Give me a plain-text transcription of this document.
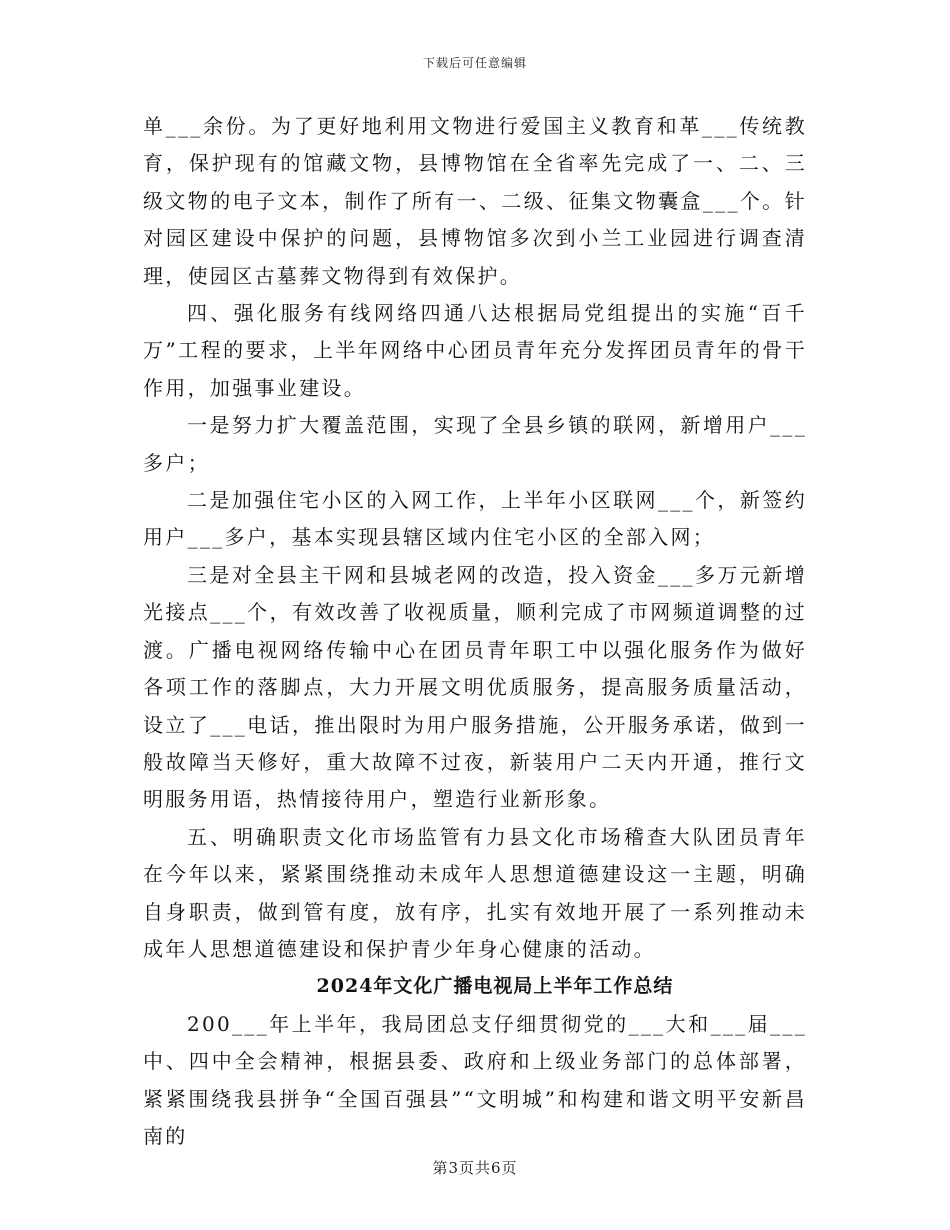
下载后可任意编辑

单___余份。为了更好地利用文物进行爱国主义教育和革___传统教育，保护现有的馆藏文物，县博物馆在全省率先完成了一、二、三级文物的电子文本，制作了所有一、二级、征集文物囊盒___个。针对园区建设中保护的问题，县博物馆多次到小兰工业园进行调查清理，使园区古墓葬文物得到有效保护。

四、强化服务有线网络四通八达根据局党组提出的实施“百千万”工程的要求，上半年网络中心团员青年充分发挥团员青年的骨干作用，加强事业建设。

一是努力扩大覆盖范围，实现了全县乡镇的联网，新增用户___多户；

二是加强住宅小区的入网工作，上半年小区联网___个，新签约用户___多户，基本实现县辖区域内住宅小区的全部入网；

三是对全县主干网和县城老网的改造，投入资金___多万元新增光接点___个，有效改善了收视质量，顺利完成了市网频道调整的过渡。广播电视网络传输中心在团员青年职工中以强化服务作为做好各项工作的落脚点，大力开展文明优质服务，提高服务质量活动，设立了___电话，推出限时为用户服务措施，公开服务承诺，做到一般故障当天修好，重大故障不过夜，新装用户二天内开通，推行文明服务用语，热情接待用户，塑造行业新形象。

五、明确职责文化市场监管有力县文化市场稽查大队团员青年在今年以来，紧紧围绕推动未成年人思想道德建设这一主题，明确自身职责，做到管有度，放有序，扎实有效地开展了一系列推动未成年人思想道德建设和保护青少年身心健康的活动。

2024年文化广播电视局上半年工作总结

200___年上半年，我局团总支仔细贯彻党的___大和___届___中、四中全会精神，根据县委、政府和上级业务部门的总体部署，紧紧围绕我县拼争“全国百强县”“文明城”和构建和谐文明平安新昌南的

第3页共6页
